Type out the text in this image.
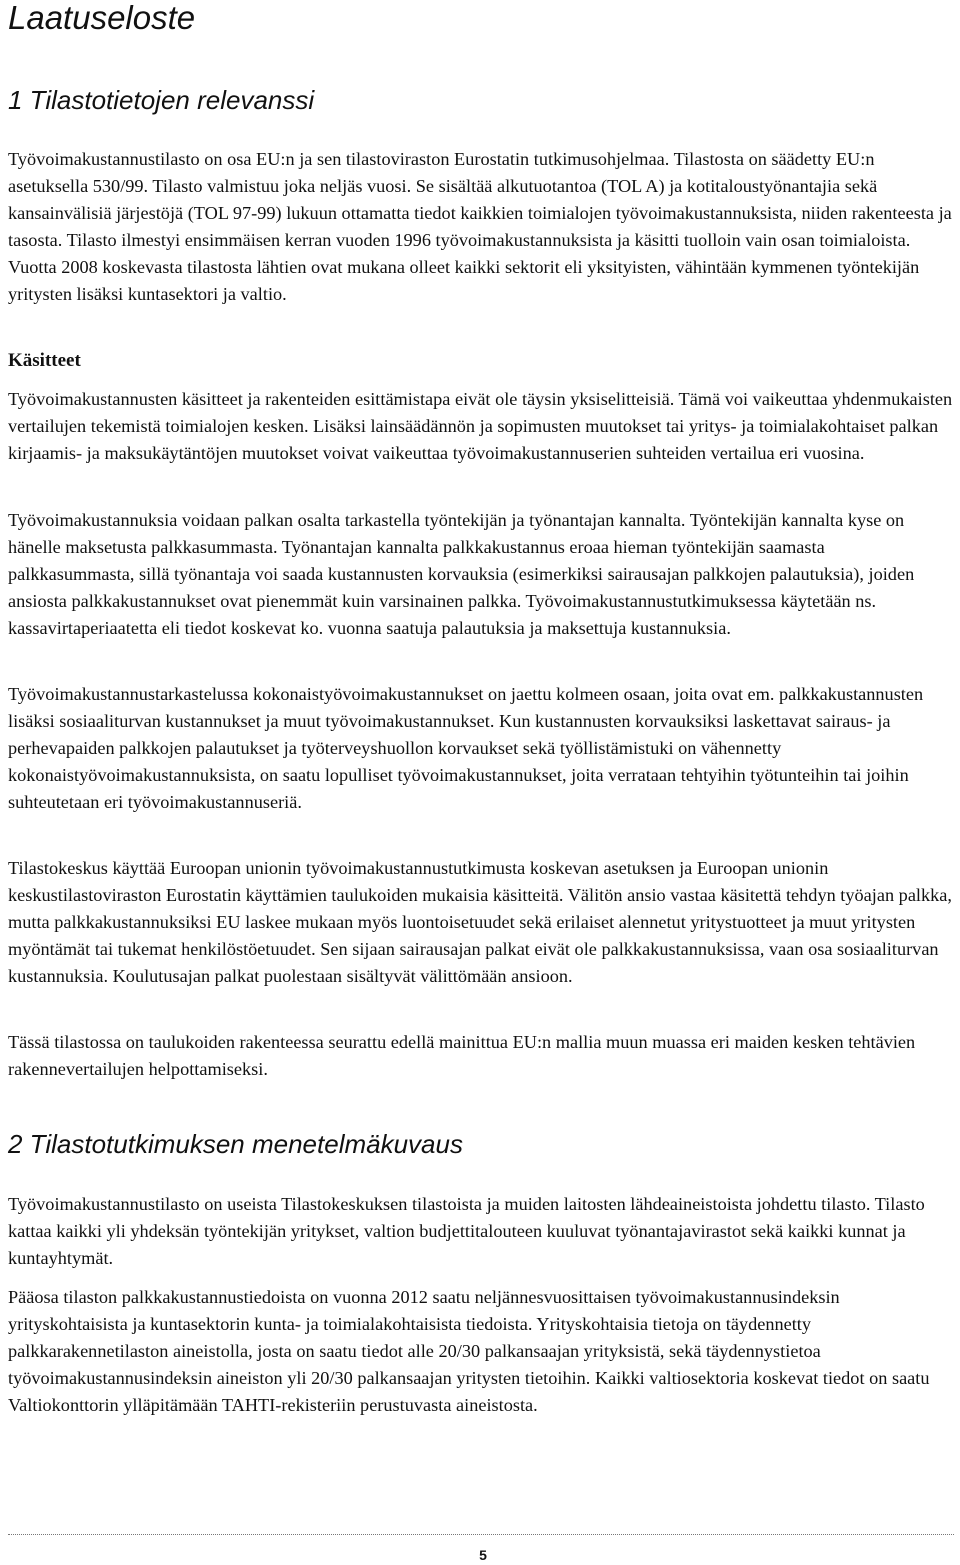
Laatuseloste
1 Tilastotietojen relevanssi

Työvoimakustannustilasto on osa EU:n ja sen tilastoviraston Eurostatin tutkimusohjelmaa. Tilastosta on säädetty EU:n asetuksella 530/99. Tilasto valmistuu joka neljäs vuosi. Se sisältää alkutuotantoa (TOL A) ja kotitaloustyönantajia sekä kansainvälisiä järjestöjä (TOL 97-99) lukuun ottamatta tiedot kaikkien toimialojen työvoimakustannuksista, niiden rakenteesta ja tasosta. Tilasto ilmestyi ensimmäisen kerran vuoden 1996 työvoimakustannuksista ja käsitti tuolloin vain osan toimialoista. Vuotta 2008 koskevasta tilastosta lähtien ovat mukana olleet kaikki sektorit eli yksityisten, vähintään kymmenen työntekijän yritysten lisäksi kuntasektori ja valtio.

Käsitteet

Työvoimakustannusten käsitteet ja rakenteiden esittämistapa eivät ole täysin yksiselitteisiä. Tämä voi vaikeuttaa yhdenmukaisten vertailujen tekemistä toimialojen kesken. Lisäksi lainsäädännön ja sopimusten muutokset tai yritys- ja toimialakohtaiset palkan kirjaamis- ja maksukäytäntöjen muutokset voivat vaikeuttaa työvoimakustannuserien suhteiden vertailua eri vuosina.

Työvoimakustannuksia voidaan palkan osalta tarkastella työntekijän ja työnantajan kannalta. Työntekijän kannalta kyse on hänelle maksetusta palkkasummasta. Työnantajan kannalta palkkakustannus eroaa hieman työntekijän saamasta palkkasummasta, sillä työnantaja voi saada kustannusten korvauksia (esimerkiksi sairausajan palkkojen palautuksia), joiden ansiosta palkkakustannukset ovat pienemmät kuin varsinainen palkka. Työvoimakustannustutkimuksessa käytetään ns. kassavirtaperiaatetta eli tiedot koskevat ko. vuonna saatuja palautuksia ja maksettuja kustannuksia.

Työvoimakustannustarkastelussa kokonaistyövoimakustannukset on jaettu kolmeen osaan, joita ovat em. palkkakustannusten lisäksi sosiaaliturvan kustannukset ja muut työvoimakustannukset. Kun kustannusten korvauksiksi laskettavat sairaus- ja perhevapaiden palkkojen palautukset ja työterveyshuollon korvaukset sekä työllistämistuki on vähennetty kokonaistyövoimakustannuksista, on saatu lopulliset työvoimakustannukset, joita verrataan tehtyihin työtunteihin tai joihin suhteutetaan eri työvoimakustannuseriä.

Tilastokeskus käyttää Euroopan unionin työvoimakustannustutkimusta koskevan asetuksen ja Euroopan unionin keskustilastoviraston Eurostatin käyttämien taulukoiden mukaisia käsitteitä. Välitön ansio vastaa käsitettä tehdyn työajan palkka, mutta palkkakustannuksiksi EU laskee mukaan myös luontoisetuudet sekä erilaiset alennetut yritystuotteet ja muut yritysten myöntämät tai tukemat henkilöstöetuudet. Sen sijaan sairausajan palkat eivät ole palkkakustannuksissa, vaan osa sosiaaliturvan kustannuksia. Koulutusajan palkat puolestaan sisältyvät välittömään ansioon.

Tässä tilastossa on taulukoiden rakenteessa seurattu edellä mainittua EU:n mallia muun muassa eri maiden kesken tehtävien rakennevertailujen helpottamiseksi.

2 Tilastotutkimuksen menetelmäkuvaus

Työvoimakustannustilasto on useista Tilastokeskuksen tilastoista ja muiden laitosten lähdeaineistoista johdettu tilasto. Tilasto kattaa kaikki yli yhdeksän työntekijän yritykset, valtion budjettitalouteen kuuluvat työnantajavirastot sekä kaikki kunnat ja kuntayhtymät.

Pääosa tilaston palkkakustannustiedoista on vuonna 2012 saatu neljännesvuosittaisen työvoimakustannusindeksin yrityskohtaisista ja kuntasektorin kunta- ja toimialakohtaisista tiedoista. Yrityskohtaisia tietoja on täydennetty palkkarakennetilaston aineistolla, josta on saatu tiedot alle 20/30 palkansaajan yrityksistä, sekä täydennystietoa työvoimakustannusindeksin aineiston yli 20/30 palkansaajan yritysten tietoihin. Kaikki valtiosektoria koskevat tiedot on saatu Valtiokonttorin ylläpitämään TAHTI-rekisteriin perustuvasta aineistosta.

5
